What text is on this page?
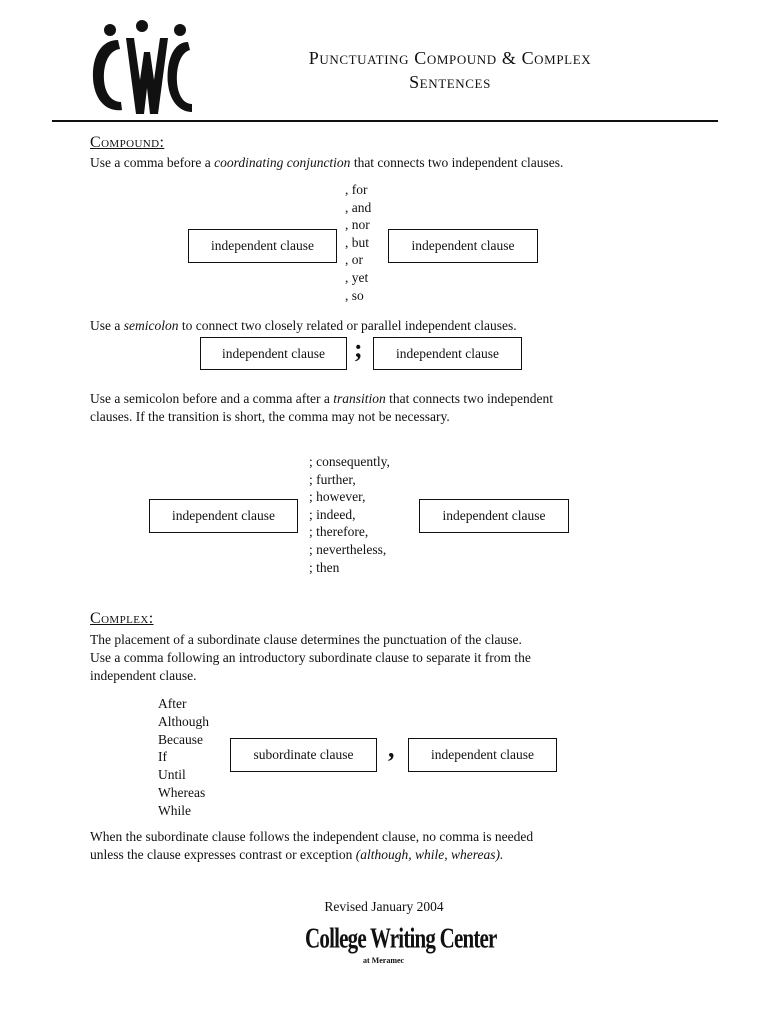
CWC
Punctuating Compound & Complex
Sentences
Compound:
Use a comma before a coordinating conjunction that connects two independent clauses.
independent clause
, for
, and
, nor
, but
, or
, yet
, so
independent clause
Use a semicolon to connect two closely related or parallel independent clauses.
independent clause	;	independent clause
Use a semicolon before and a comma after a transition that connects two independent
clauses. If the transition is short, the comma may not be necessary.
independent clause
; consequently,
; further,
; however,
; indeed,
; therefore,
; nevertheless,
; then
independent clause
Complex:
The placement of a subordinate clause determines the punctuation of the clause.
Use a comma following an introductory subordinate clause to separate it from the
independent clause.
After
Although
Because
If
Until
Whereas
While
subordinate clause	,	independent clause
When the subordinate clause follows the independent clause, no comma is needed
unless the clause expresses contrast or exception (although, while, whereas).
Revised January 2004
College Writing Center
at Meramec
